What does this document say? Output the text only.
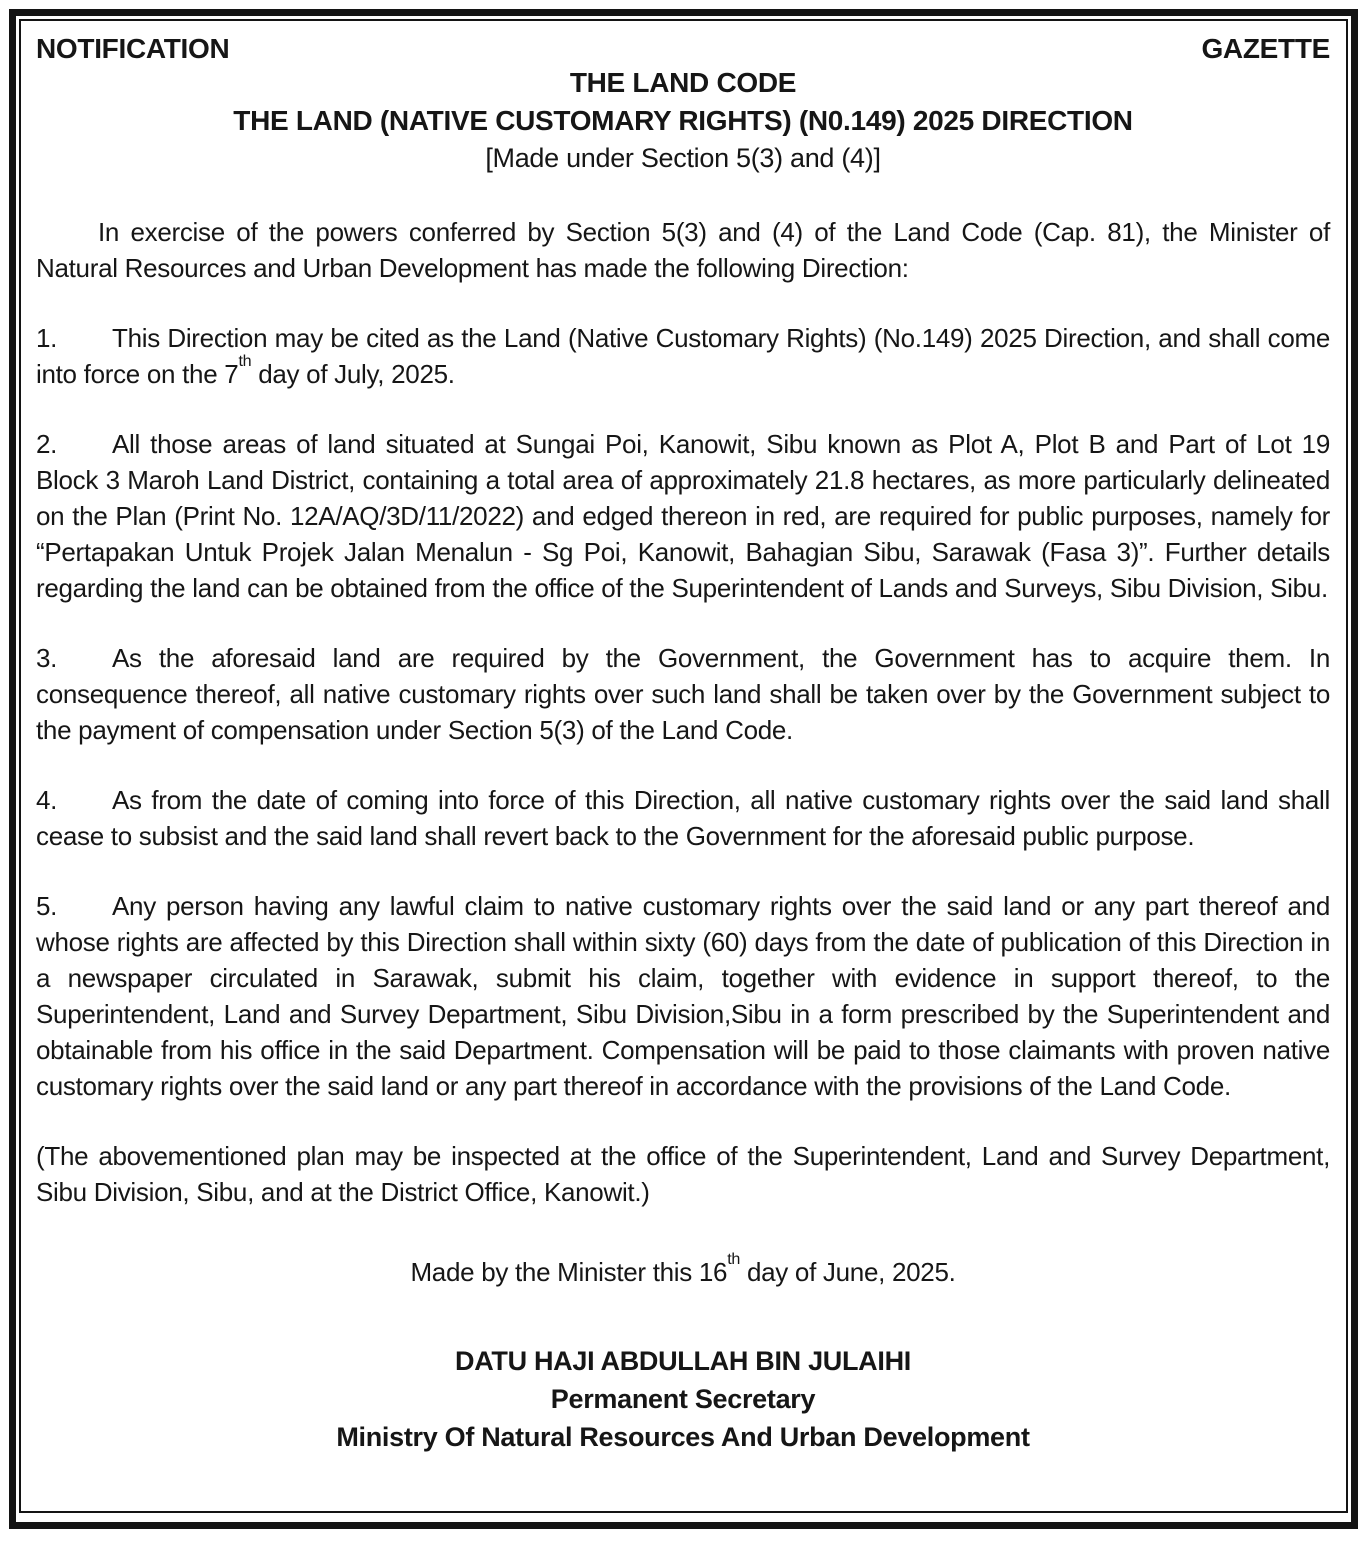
NOTIFICATION	GAZETTE
THE LAND CODE
THE LAND (NATIVE CUSTOMARY RIGHTS) (N0.149) 2025 DIRECTION
[Made under Section 5(3) and (4)]

In exercise of the powers conferred by Section 5(3) and (4) of the Land Code (Cap. 81), the Minister of Natural Resources and Urban Development has made the following Direction:

1. This Direction may be cited as the Land (Native Customary Rights) (No.149) 2025 Direction, and shall come into force on the 7th day of July, 2025.

2. All those areas of land situated at Sungai Poi, Kanowit, Sibu known as Plot A, Plot B and Part of Lot 19 Block 3 Maroh Land District, containing a total area of approximately 21.8 hectares, as more particularly delineated on the Plan (Print No. 12A/AQ/3D/11/2022) and edged thereon in red, are required for public purposes, namely for “Pertapakan Untuk Projek Jalan Menalun - Sg Poi, Kanowit, Bahagian Sibu, Sarawak (Fasa 3)”. Further details regarding the land can be obtained from the office of the Superintendent of Lands and Surveys, Sibu Division, Sibu.

3. As the aforesaid land are required by the Government, the Government has to acquire them. In consequence thereof, all native customary rights over such land shall be taken over by the Government subject to the payment of compensation under Section 5(3) of the Land Code.

4. As from the date of coming into force of this Direction, all native customary rights over the said land shall cease to subsist and the said land shall revert back to the Government for the aforesaid public purpose.

5. Any person having any lawful claim to native customary rights over the said land or any part thereof and whose rights are affected by this Direction shall within sixty (60) days from the date of publication of this Direction in a newspaper circulated in Sarawak, submit his claim, together with evidence in support thereof, to the Superintendent, Land and Survey Department, Sibu Division,Sibu in a form prescribed by the Superintendent and obtainable from his office in the said Department. Compensation will be paid to those claimants with proven native customary rights over the said land or any part thereof in accordance with the provisions of the Land Code.

(The abovementioned plan may be inspected at the office of the Superintendent, Land and Survey Department, Sibu Division, Sibu, and at the District Office, Kanowit.)

Made by the Minister this 16th day of June, 2025.

DATU HAJI ABDULLAH BIN JULAIHI
Permanent Secretary
Ministry Of Natural Resources And Urban Development
